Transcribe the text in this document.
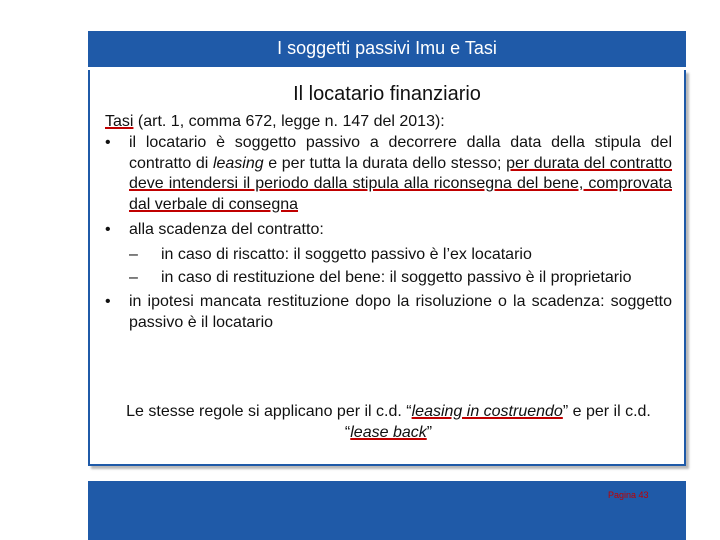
I soggetti passivi Imu e Tasi
Il locatario finanziario
Tasi (art. 1, comma 672, legge n. 147 del 2013):
• il locatario è soggetto passivo a decorrere dalla data della stipula del contratto di leasing e per tutta la durata dello stesso; per durata del contratto deve intendersi il periodo dalla stipula alla riconsegna del bene, comprovata dal verbale di consegna
• alla scadenza del contratto:
– in caso di riscatto: il soggetto passivo è l’ex locatario
– in caso di restituzione del bene: il soggetto passivo è il proprietario
• in ipotesi mancata restituzione dopo la risoluzione o la scadenza: soggetto passivo è il locatario
Le stesse regole si applicano per il c.d. “leasing in costruendo” e per il c.d. “lease back”
Pagina 43
